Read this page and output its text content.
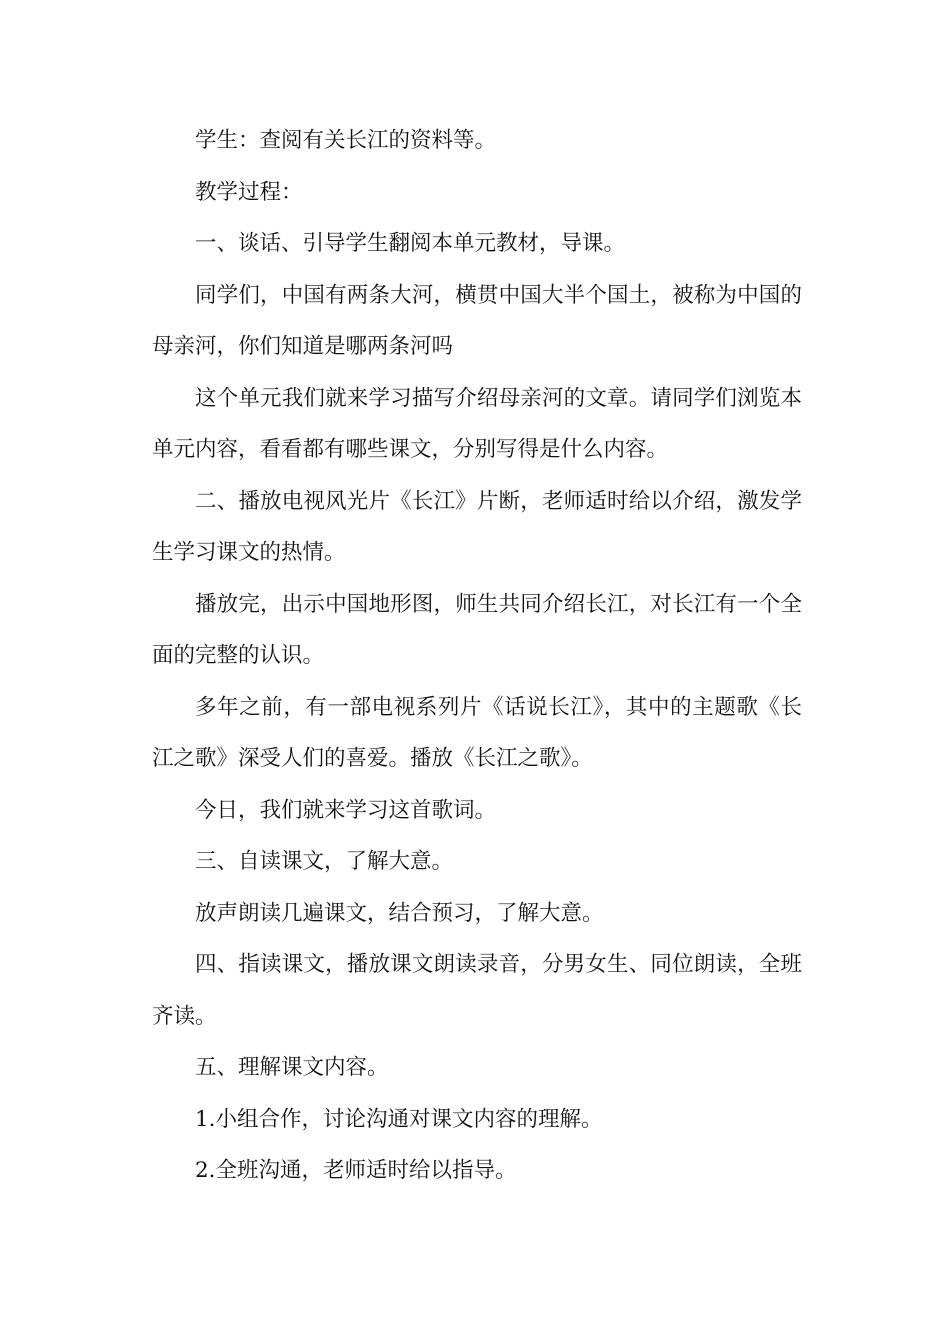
学生：查阅有关长江的资料等。

教学过程：

一、谈话、引导学生翻阅本单元教材，导课。

同学们，中国有两条大河，横贯中国大半个国土，被称为中国的母亲河，你们知道是哪两条河吗

这个单元我们就来学习描写介绍母亲河的文章。请同学们浏览本单元内容，看看都有哪些课文，分别写得是什么内容。

二、播放电视风光片《长江》片断，老师适时给以介绍，激发学生学习课文的热情。

播放完，出示中国地形图，师生共同介绍长江，对长江有一个全面的完整的认识。

多年之前，有一部电视系列片《话说长江》，其中的主题歌《长江之歌》深受人们的喜爱。播放《长江之歌》。

今日，我们就来学习这首歌词。

三、自读课文，了解大意。

放声朗读几遍课文，结合预习，了解大意。

四、指读课文，播放课文朗读录音，分男女生、同位朗读，全班齐读。

五、理解课文内容。

1.小组合作，讨论沟通对课文内容的理解。

2.全班沟通，老师适时给以指导。
